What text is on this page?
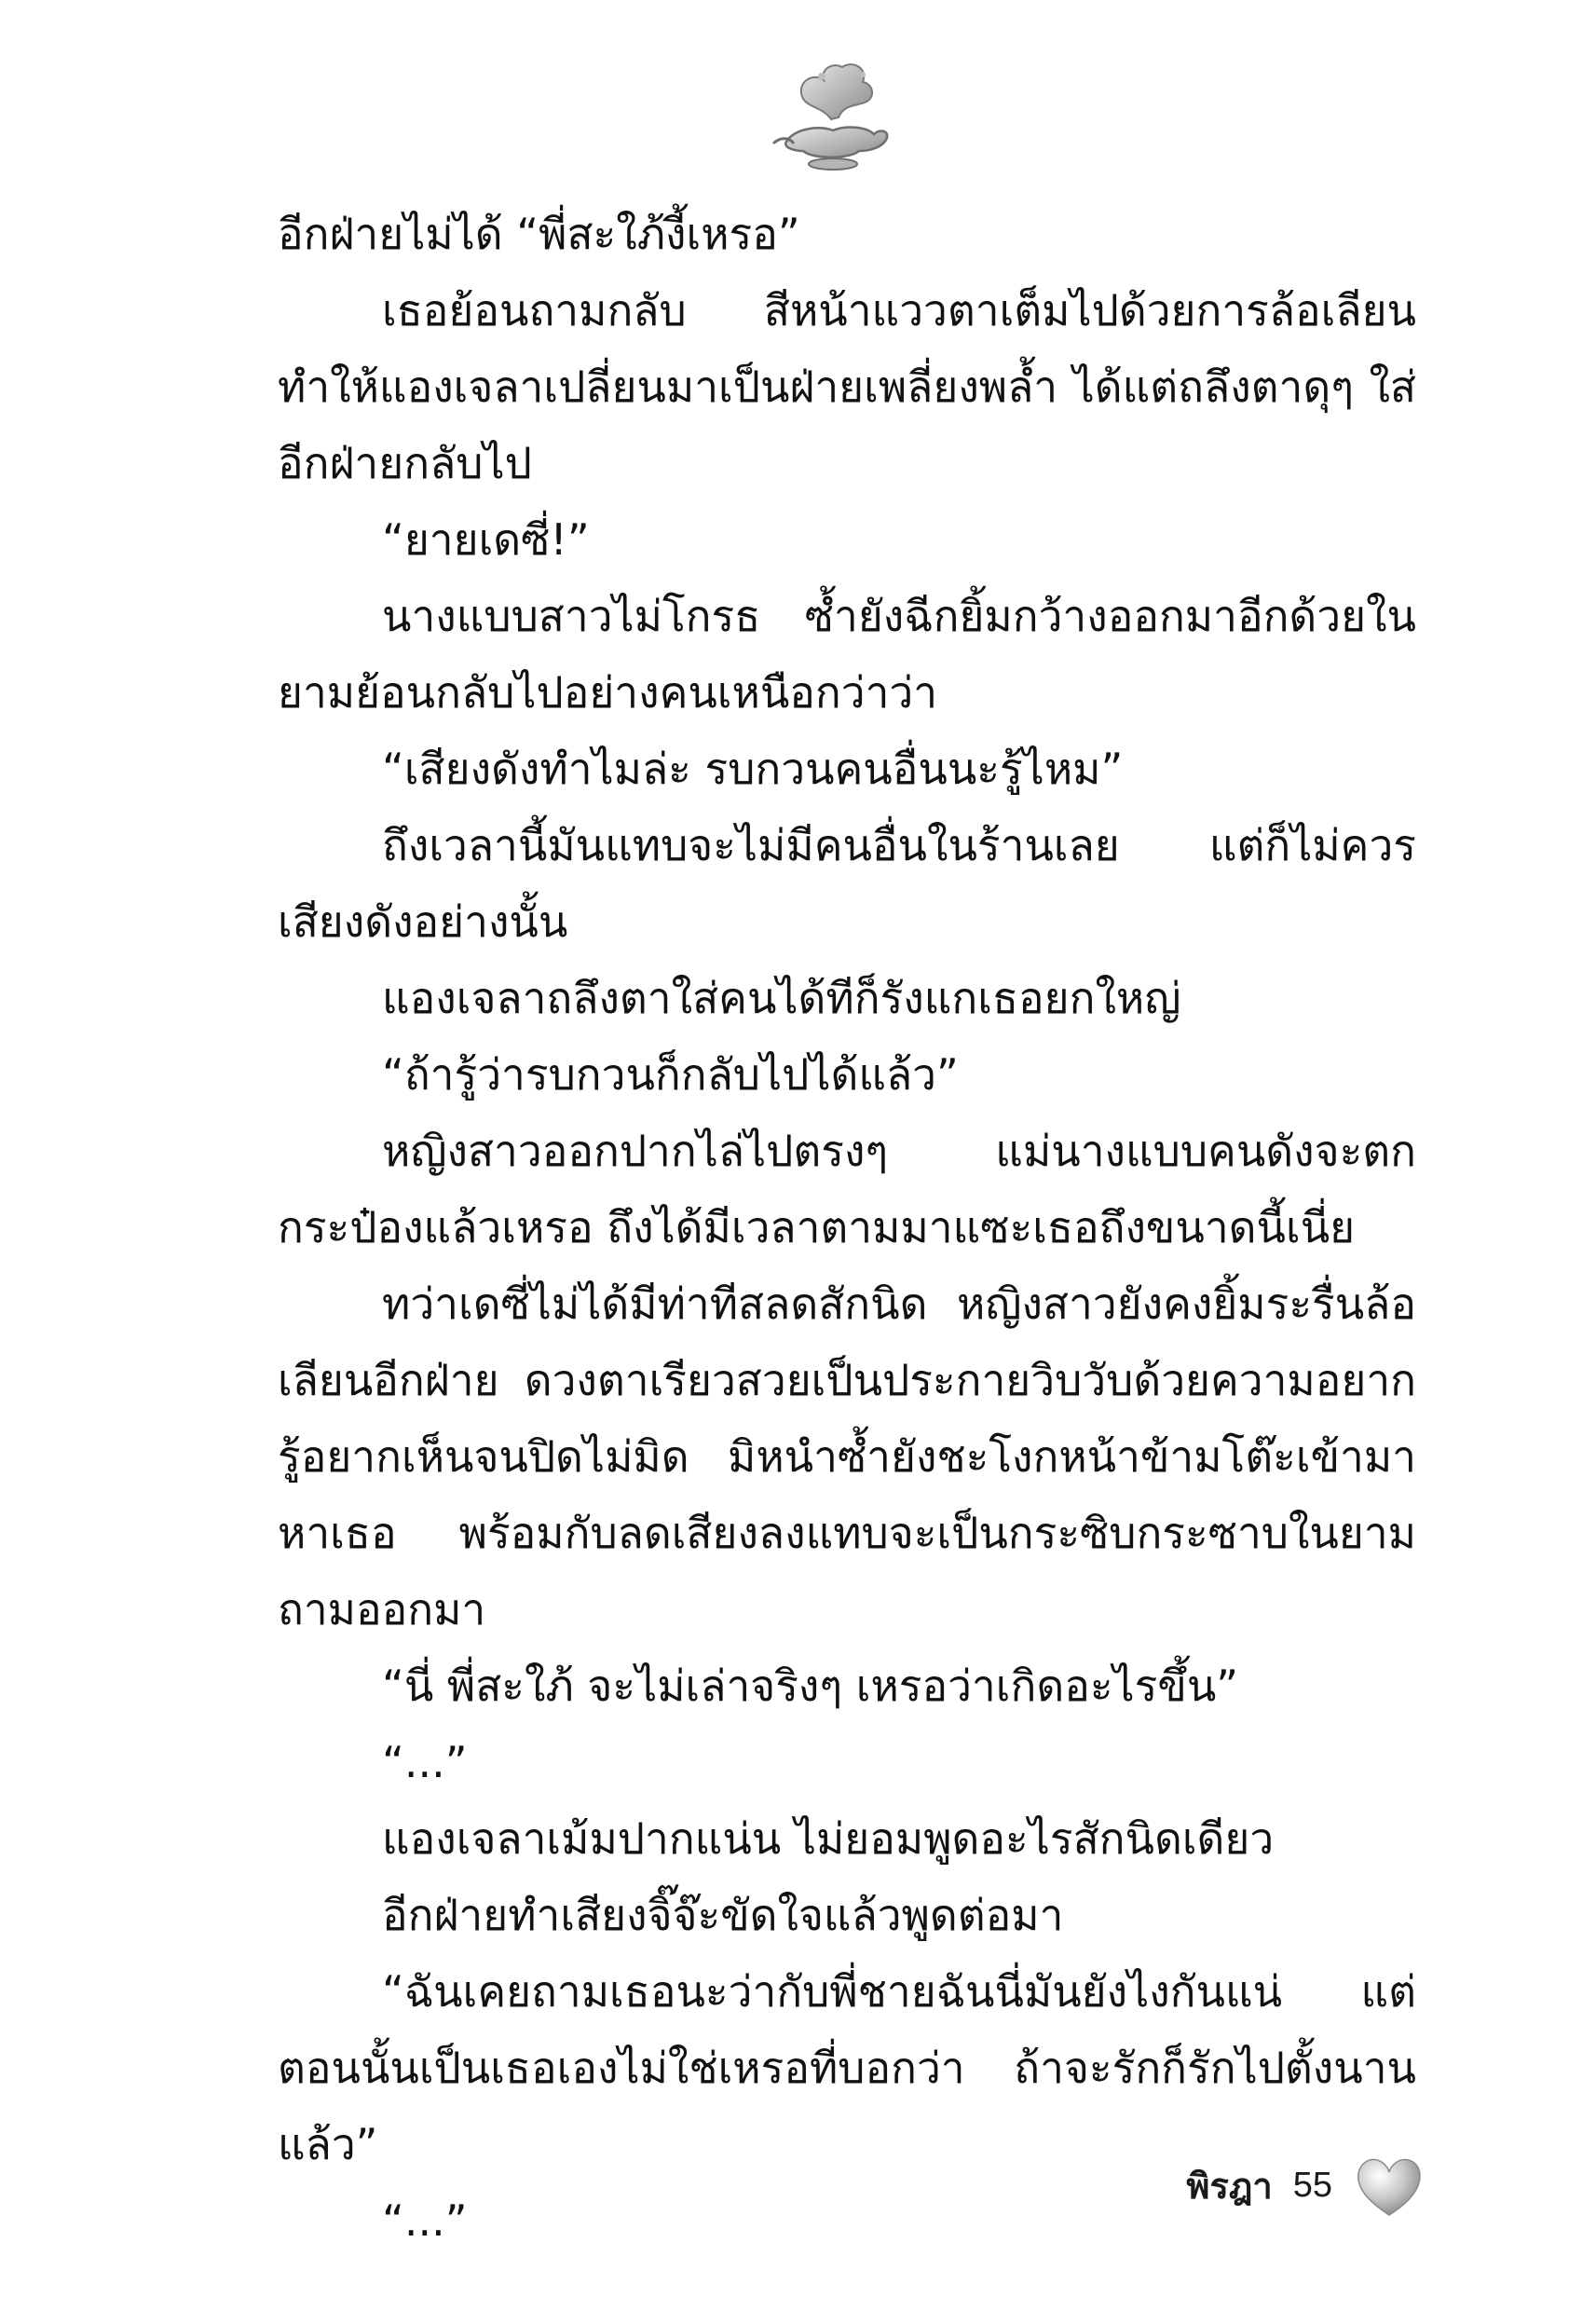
อีกฝ่ายไม่ได้ “พี่สะใภ้งี้เหรอ”

เธอย้อนถามกลับ สีหน้าแววตาเต็มไปด้วยการล้อเลียน ทำให้แองเจลาเปลี่ยนมาเป็นฝ่ายเพลี่ยงพล้ำ ได้แต่ถลึงตาดุๆ ใส่อีกฝ่ายกลับไป

“ยายเดซี่!”

นางแบบสาวไม่โกรธ ซ้ำยังฉีกยิ้มกว้างออกมาอีกด้วยในยามย้อนกลับไปอย่างคนเหนือกว่าว่า

“เสียงดังทำไมล่ะ รบกวนคนอื่นนะรู้ไหม”

ถึงเวลานี้มันแทบจะไม่มีคนอื่นในร้านเลย แต่ก็ไม่ควรเสียงดังอย่างนั้น

แองเจลาถลึงตาใส่คนได้ทีก็รังแกเธอยกใหญ่

“ถ้ารู้ว่ารบกวนก็กลับไปได้แล้ว”

หญิงสาวออกปากไล่ไปตรงๆ แม่นางแบบคนดังจะตกกระป๋องแล้วเหรอ ถึงได้มีเวลาตามมาแซะเธอถึงขนาดนี้เนี่ย

ทว่าเดซี่ไม่ได้มีท่าทีสลดสักนิด หญิงสาวยังคงยิ้มระรื่นล้อเลียนอีกฝ่าย ดวงตาเรียวสวยเป็นประกายวิบวับด้วยความอยากรู้อยากเห็นจนปิดไม่มิด มิหนำซ้ำยังชะโงกหน้าข้ามโต๊ะเข้ามาหาเธอ พร้อมกับลดเสียงลงแทบจะเป็นกระซิบกระซาบในยามถามออกมา

“นี่ พี่สะใภ้ จะไม่เล่าจริงๆ เหรอว่าเกิดอะไรขึ้น”

“...”

แองเจลาเม้มปากแน่น ไม่ยอมพูดอะไรสักนิดเดียว

อีกฝ่ายทำเสียงจิ๊จ๊ะขัดใจแล้วพูดต่อมา

“ฉันเคยถามเธอนะว่ากับพี่ชายฉันนี่มันยังไงกันแน่ แต่ตอนนั้นเป็นเธอเองไม่ใช่เหรอที่บอกว่า ถ้าจะรักก็รักไปตั้งนานแล้ว”

“...”

พิรฎา 55
